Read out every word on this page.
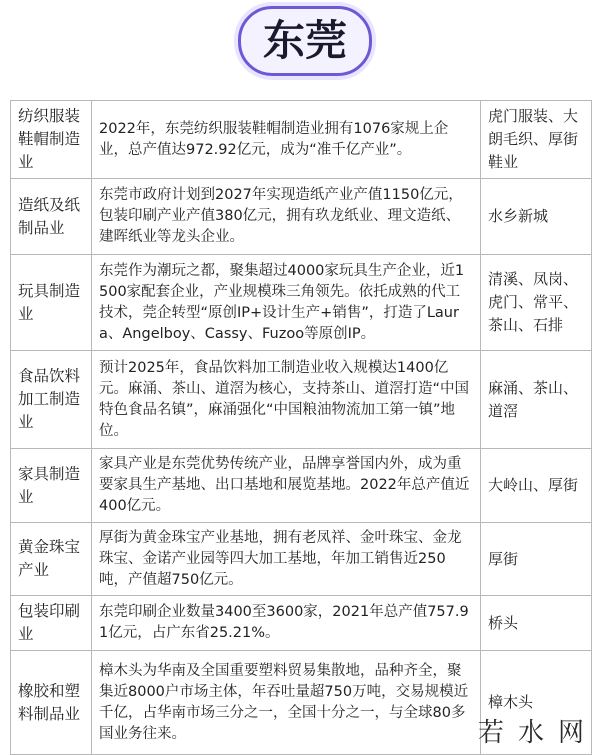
东莞
纺织服装鞋帽制造业	2022年，东莞纺织服装鞋帽制造业拥有1076家规上企业，总产值达972.92亿元，成为“准千亿产业”。	虎门服装、大朗毛织、厚街鞋业
造纸及纸制品业	东莞市政府计划到2027年实现造纸产业产值1150亿元，包装印刷产业产值380亿元，拥有玖龙纸业、理文造纸、建晖纸业等龙头企业。	水乡新城
玩具制造业	东莞作为潮玩之都，聚集超过4000家玩具生产企业，近1500家配套企业，产业规模珠三角领先。依托成熟的代工技术，莞企转型“原创IP+设计生产+销售”，打造了Laura、Angelboy、Cassy、Fuzoo等原创IP。	清溪、凤岗、虎门、常平、茶山、石排
食品饮料加工制造业	预计2025年，食品饮料加工制造业收入规模达1400亿元。麻涌、茶山、道滘为核心，支持茶山、道滘打造“中国特色食品名镇”，麻涌强化“中国粮油物流加工第一镇”地位。	麻涌、茶山、道滘
家具制造业	家具产业是东莞优势传统产业，品牌享誉国内外，成为重要家具生产基地、出口基地和展览基地。2022年总产值近400亿元。	大岭山、厚街
黄金珠宝产业	厚街为黄金珠宝产业基地，拥有老凤祥、金叶珠宝、金龙珠宝、金诺产业园等四大加工基地，年加工销售近250吨，产值超750亿元。	厚街
包装印刷业	东莞印刷企业数量3400至3600家，2021年总产值757.91亿元，占广东省25.21%。	桥头
橡胶和塑料制品业	樟木头为华南及全国重要塑料贸易集散地，品种齐全，聚集近8000户市场主体，年吞吐量超750万吨，交易规模近千亿，占华南市场三分之一，全国十分之一，与全球80多国业务往来。	樟木头
若水网
